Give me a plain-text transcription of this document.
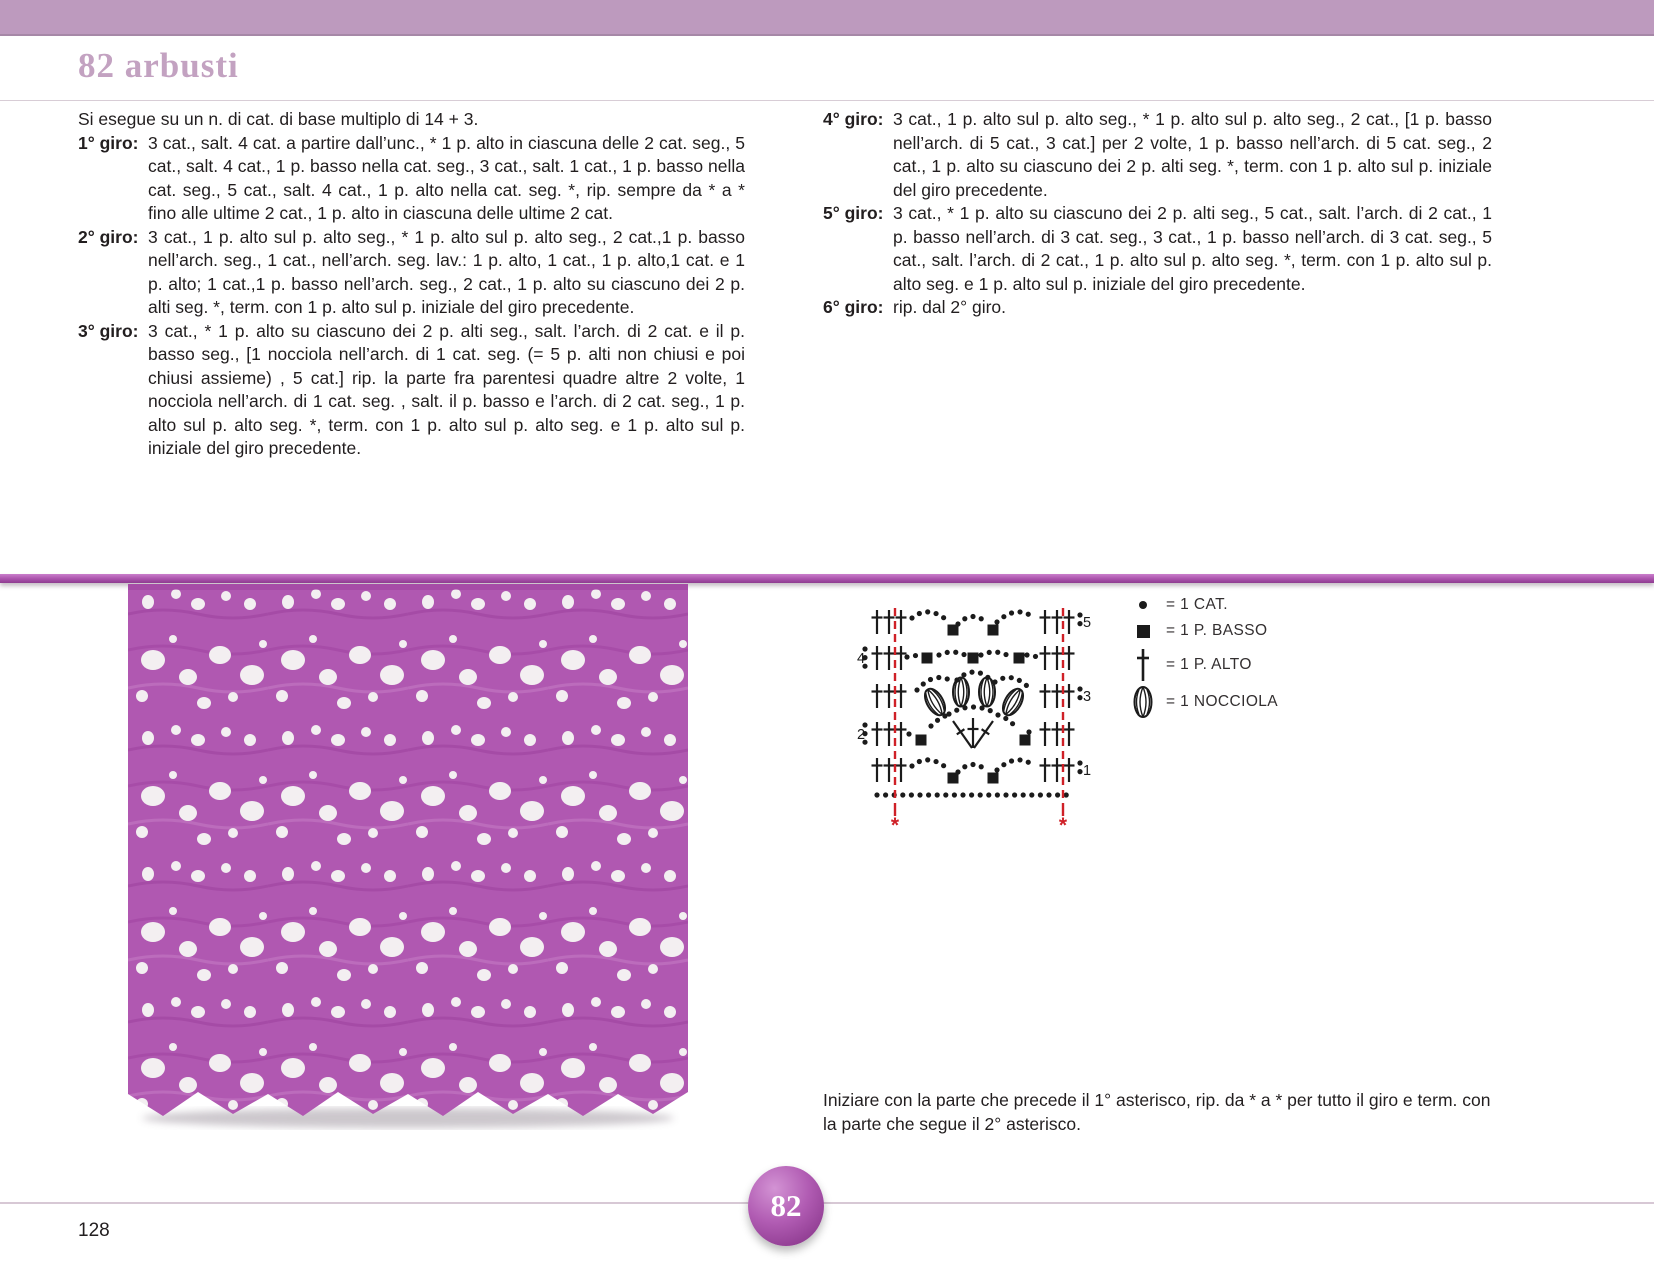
82 arbusti

Si esegue su un n. di cat. di base multiplo di 14 + 3.

1° giro: 3 cat., salt. 4 cat. a partire dall’unc., * 1 p. alto in ciascuna delle 2 cat. seg., 5 cat., salt. 4 cat., 1 p. basso nella cat. seg., 3 cat., salt. 1 cat., 1 p. basso nella cat. seg., 5 cat., salt. 4 cat., 1 p. alto nella cat. seg. *, rip. sempre da * a * fino alle ultime 2 cat., 1 p. alto in ciascuna delle ultime 2 cat.

2° giro: 3 cat., 1 p. alto sul p. alto seg., * 1 p. alto sul p. alto seg., 2 cat.,1 p. basso nell’arch. seg., 1 cat., nell’arch. seg. lav.: 1 p. alto, 1 cat., 1 p. alto,1 cat. e 1 p. alto; 1 cat.,1 p. basso nell’arch. seg., 2 cat., 1 p. alto su ciascuno dei 2 p. alti seg. *, term. con 1 p. alto sul p. iniziale del giro precedente.

3° giro: 3 cat., * 1 p. alto su ciascuno dei 2 p. alti seg., salt. l’arch. di 2 cat. e il p. basso seg., [1 nocciola nell’arch. di 1 cat. seg. (= 5 p. alti non chiusi e poi chiusi assieme) , 5 cat.] rip. la parte fra parentesi quadre altre 2 volte, 1 nocciola nell’arch. di 1 cat. seg. , salt. il p. basso e l’arch. di 2 cat. seg., 1 p. alto sul p. alto seg. *, term. con 1 p. alto sul p. alto seg. e 1 p. alto sul p. iniziale del giro precedente.

4° giro: 3 cat., 1 p. alto sul p. alto seg., * 1 p. alto sul p. alto seg., 2 cat., [1 p. basso nell’arch. di 5 cat., 3 cat.] per 2 volte, 1 p. basso nell’arch. di 5 cat. seg., 2 cat., 1 p. alto su ciascuno dei 2 p. alti seg. *, term. con 1 p. alto sul p. iniziale del giro precedente.

5° giro: 3 cat., * 1 p. alto su ciascuno dei 2 p. alti seg., 5 cat., salt. l’arch. di 2 cat., 1 p. basso nell’arch. di 3 cat. seg., 3 cat., 1 p. basso nell’arch. di 3 cat. seg., 5 cat., salt. l’arch. di 2 cat., 1 p. alto sul p. alto seg. *, term. con 1 p. alto sul p. alto seg. e 1 p. alto sul p. iniziale del giro precedente.

6° giro: rip. dal 2° giro.

*	*
5
3
1
4
2
= 1 CAT.
= 1 P. BASSO
= 1 P. ALTO
= 1 NOCCIOLA

Iniziare con la parte che precede il 1° asterisco, rip. da * a * per tutto il giro e term. con la parte che segue il 2° asterisco.

128
82
